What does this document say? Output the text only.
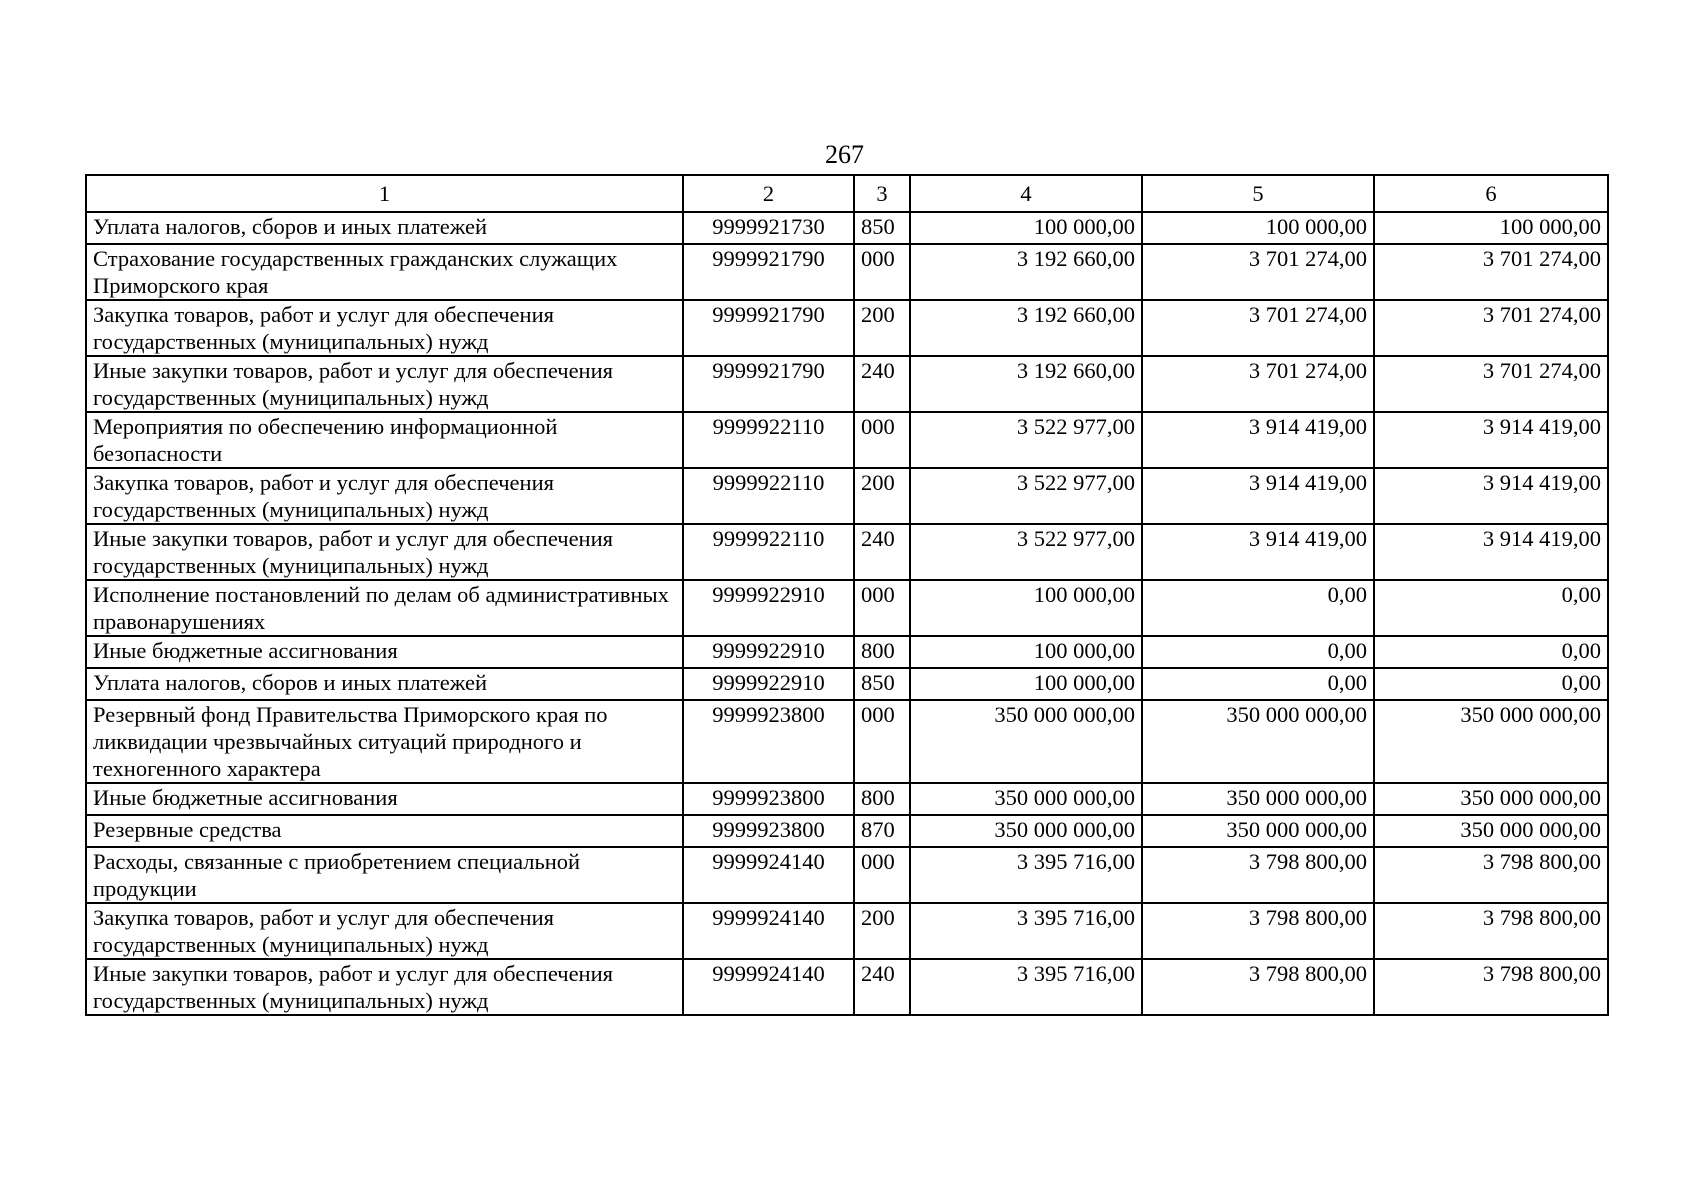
267
1	2	3	4	5	6
Уплата налогов, сборов и иных платежей	9999921730	850	100 000,00	100 000,00	100 000,00
Страхование государственных гражданских служащих Приморского края	9999921790	000	3 192 660,00	3 701 274,00	3 701 274,00
Закупка товаров, работ и услуг для обеспечения государственных (муниципальных) нужд	9999921790	200	3 192 660,00	3 701 274,00	3 701 274,00
Иные закупки товаров, работ и услуг для обеспечения государственных (муниципальных) нужд	9999921790	240	3 192 660,00	3 701 274,00	3 701 274,00
Мероприятия по обеспечению информационной безопасности	9999922110	000	3 522 977,00	3 914 419,00	3 914 419,00
Закупка товаров, работ и услуг для обеспечения государственных (муниципальных) нужд	9999922110	200	3 522 977,00	3 914 419,00	3 914 419,00
Иные закупки товаров, работ и услуг для обеспечения государственных (муниципальных) нужд	9999922110	240	3 522 977,00	3 914 419,00	3 914 419,00
Исполнение постановлений по делам об административных правонарушениях	9999922910	000	100 000,00	0,00	0,00
Иные бюджетные ассигнования	9999922910	800	100 000,00	0,00	0,00
Уплата налогов, сборов и иных платежей	9999922910	850	100 000,00	0,00	0,00
Резервный фонд Правительства Приморского края по ликвидации чрезвычайных ситуаций природного и техногенного характера	9999923800	000	350 000 000,00	350 000 000,00	350 000 000,00
Иные бюджетные ассигнования	9999923800	800	350 000 000,00	350 000 000,00	350 000 000,00
Резервные средства	9999923800	870	350 000 000,00	350 000 000,00	350 000 000,00
Расходы, связанные с приобретением специальной продукции	9999924140	000	3 395 716,00	3 798 800,00	3 798 800,00
Закупка товаров, работ и услуг для обеспечения государственных (муниципальных) нужд	9999924140	200	3 395 716,00	3 798 800,00	3 798 800,00
Иные закупки товаров, работ и услуг для обеспечения государственных (муниципальных) нужд	9999924140	240	3 395 716,00	3 798 800,00	3 798 800,00
